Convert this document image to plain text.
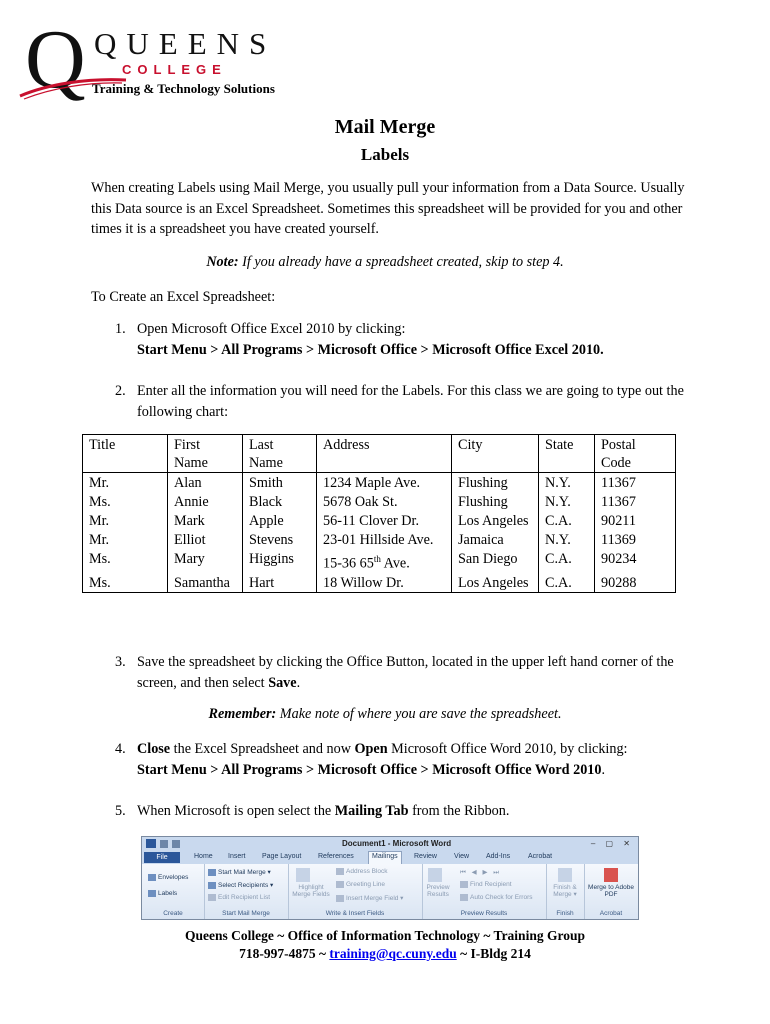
Q QUEENS
COLLEGE
Training & Technology Solutions
Mail Merge
Labels
When creating Labels using Mail Merge, you usually pull your information from a Data Source. Usually this Data source is an Excel Spreadsheet. Sometimes this spreadsheet will be provided for you and other times it is a spreadsheet you have created yourself.
Note: If you already have a spreadsheet created, skip to step 4.
To Create an Excel Spreadsheet:
1. Open Microsoft Office Excel 2010 by clicking:
Start Menu > All Programs > Microsoft Office > Microsoft Office Excel 2010.
2. Enter all the information you will need for the Labels. For this class we are going to type out the following chart:
Title	First Name	Last Name	Address	City	State	Postal Code
Mr.	Alan	Smith	1234 Maple Ave.	Flushing	N.Y.	11367
Ms.	Annie	Black	5678 Oak St.	Flushing	N.Y.	11367
Mr.	Mark	Apple	56-11 Clover Dr.	Los Angeles	C.A.	90211
Mr.	Elliot	Stevens	23-01 Hillside Ave.	Jamaica	N.Y.	11369
Ms.	Mary	Higgins	15-36 65th Ave.	San Diego	C.A.	90234
Ms.	Samantha	Hart	18 Willow Dr.	Los Angeles	C.A.	90288
3. Save the spreadsheet by clicking the Office Button, located in the upper left hand corner of the screen, and then select Save.
Remember: Make note of where you are save the spreadsheet.
4. Close the Excel Spreadsheet and now Open Microsoft Office Word 2010, by clicking:
Start Menu > All Programs > Microsoft Office > Microsoft Office Word 2010.
5. When Microsoft is open select the Mailing Tab from the Ribbon.
Document1 - Microsoft Word	– ▢ ✕
File	Home Insert Page Layout References	Mailings	Review View Add-Ins	Acrobat
Envelopes
Labels
Create
Start Mail Merge ▾
Select Recipients ▾
Edit Recipient List
Start Mail Merge
Highlight Merge Fields
Address Block
Greeting Line
Insert Merge Field ▾
Write & Insert Fields
Preview Results
⏮ ◀ ▶ ⏭
Find Recipient
Auto Check for Errors
Preview Results
Finish & Merge ▾
Finish
Merge to Adobe PDF
Acrobat
Queens College ~ Office of Information Technology ~ Training Group
718-997-4875 ~ training@qc.cuny.edu ~ I-Bldg 214
